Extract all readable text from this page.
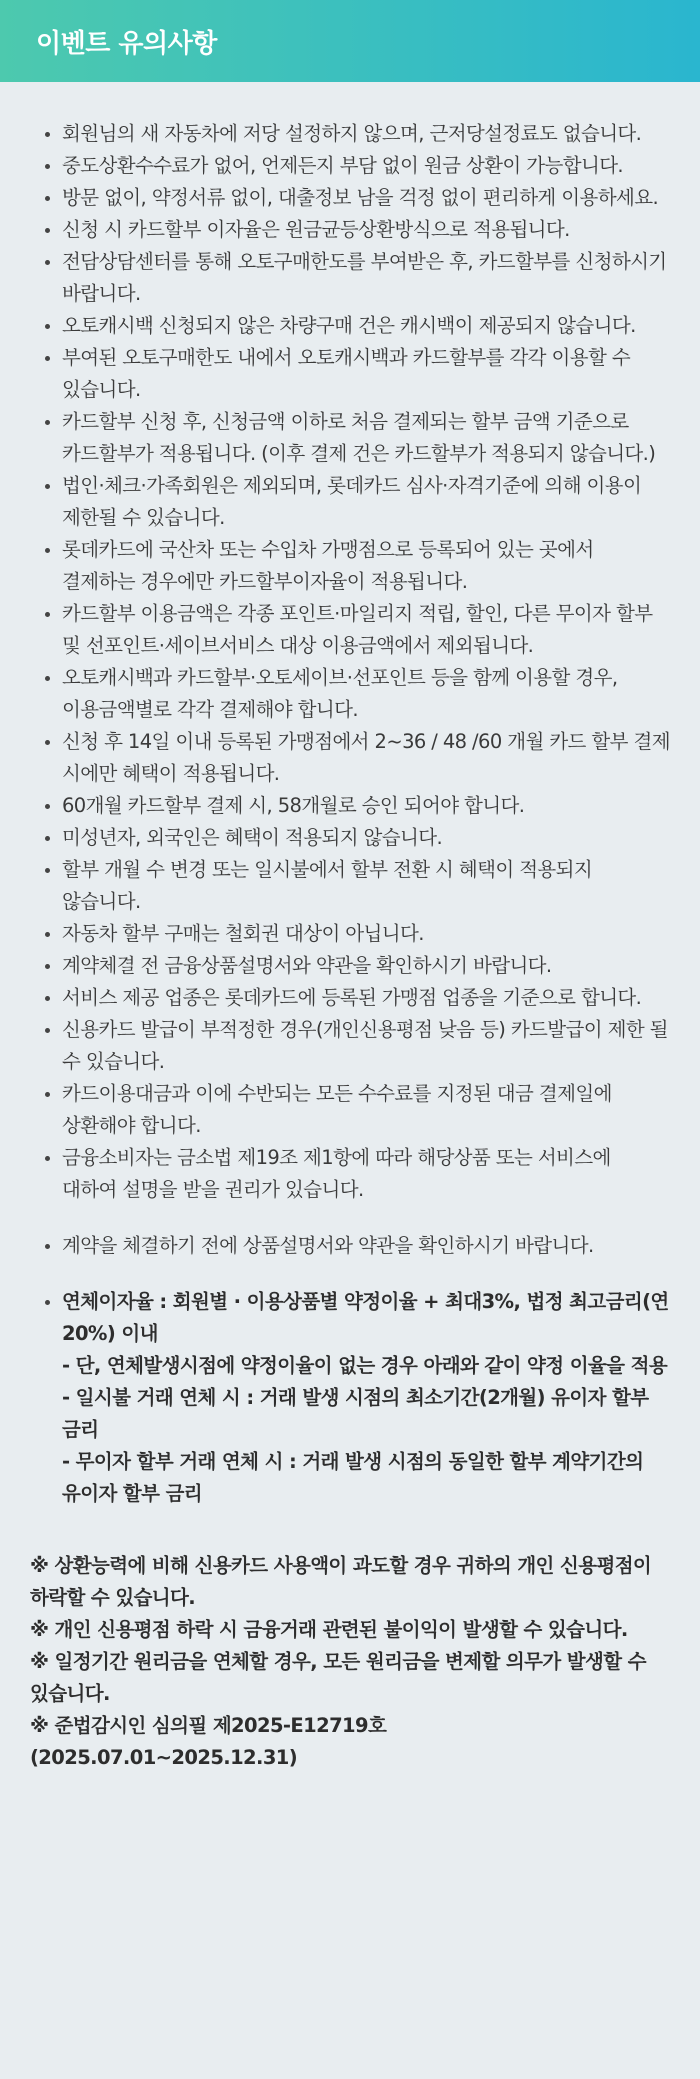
이벤트 유의사항
회원님의 새 자동차에 저당 설정하지 않으며, 근저당설정료도 없습니다.
중도상환수수료가 없어, 언제든지 부담 없이 원금 상환이 가능합니다.
방문 없이, 약정서류 없이, 대출정보 남을 걱정 없이 편리하게 이용하세요.
신청 시 카드할부 이자율은 원금균등상환방식으로 적용됩니다.
전담상담센터를 통해 오토구매한도를 부여받은 후, 카드할부를 신청하시기 바랍니다.
오토캐시백 신청되지 않은 차량구매 건은 캐시백이 제공되지 않습니다.
부여된 오토구매한도 내에서 오토캐시백과 카드할부를 각각 이용할 수 있습니다.
카드할부 신청 후, 신청금액 이하로 처음 결제되는 할부 금액 기준으로 카드할부가 적용됩니다. (이후 결제 건은 카드할부가 적용되지 않습니다.)
법인·체크·가족회원은 제외되며, 롯데카드 심사·자격기준에 의해 이용이 제한될 수 있습니다.
롯데카드에 국산차 또는 수입차 가맹점으로 등록되어 있는 곳에서 결제하는 경우에만 카드할부이자율이 적용됩니다.
카드할부 이용금액은 각종 포인트·마일리지 적립, 할인, 다른 무이자 할부 및 선포인트·세이브서비스 대상 이용금액에서 제외됩니다.
오토캐시백과 카드할부·오토세이브·선포인트 등을 함께 이용할 경우, 이용금액별로 각각 결제해야 합니다.
신청 후 14일 이내 등록된 가맹점에서 2~36 / 48 /60 개월 카드 할부 결제 시에만 혜택이 적용됩니다.
60개월 카드할부 결제 시, 58개월로 승인 되어야 합니다.
미성년자, 외국인은 혜택이 적용되지 않습니다.
할부 개월 수 변경 또는 일시불에서 할부 전환 시 혜택이 적용되지 않습니다.
자동차 할부 구매는 철회권 대상이 아닙니다.
계약체결 전 금융상품설명서와 약관을 확인하시기 바랍니다.
서비스 제공 업종은 롯데카드에 등록된 가맹점 업종을 기준으로 합니다.
신용카드 발급이 부적정한 경우(개인신용평점 낮음 등) 카드발급이 제한 될 수 있습니다.
카드이용대금과 이에 수반되는 모든 수수료를 지정된 대금 결제일에 상환해야 합니다.
금융소비자는 금소법 제19조 제1항에 따라 해당상품 또는 서비스에 대하여 설명을 받을 권리가 있습니다.
계약을 체결하기 전에 상품설명서와 약관을 확인하시기 바랍니다.
연체이자율 : 회원별 · 이용상품별 약정이율 + 최대3%, 법정 최고금리(연 20%) 이내
- 단, 연체발생시점에 약정이율이 없는 경우 아래와 같이 약정 이율을 적용
- 일시불 거래 연체 시 : 거래 발생 시점의 최소기간(2개월) 유이자 할부 금리
- 무이자 할부 거래 연체 시 : 거래 발생 시점의 동일한 할부 계약기간의 유이자 할부 금리

※ 상환능력에 비해 신용카드 사용액이 과도할 경우 귀하의 개인 신용평점이 하락할 수 있습니다.

※ 개인 신용평점 하락 시 금융거래 관련된 불이익이 발생할 수 있습니다.

※ 일정기간 원리금을 연체할 경우, 모든 원리금을 변제할 의무가 발생할 수 있습니다.

※ 준법감시인 심의필 제2025-E12719호

(2025.07.01~2025.12.31)
